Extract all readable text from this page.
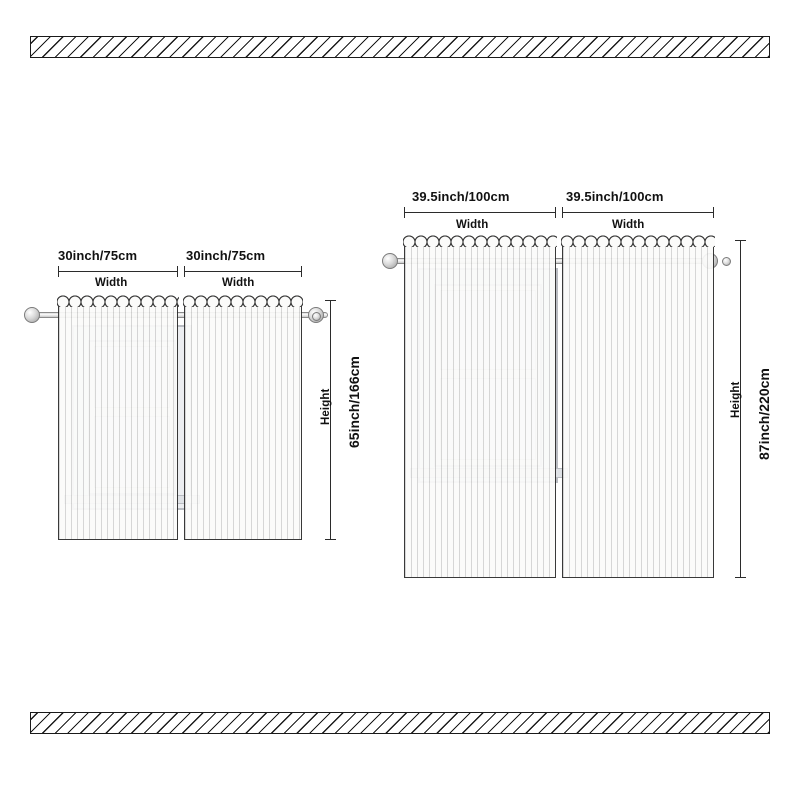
30inch/75cm
Width
30inch/75cm
Width
65inch/166cm
Height
39.5inch/100cm
Width
39.5inch/100cm
Width
87inch/220cm
Height
